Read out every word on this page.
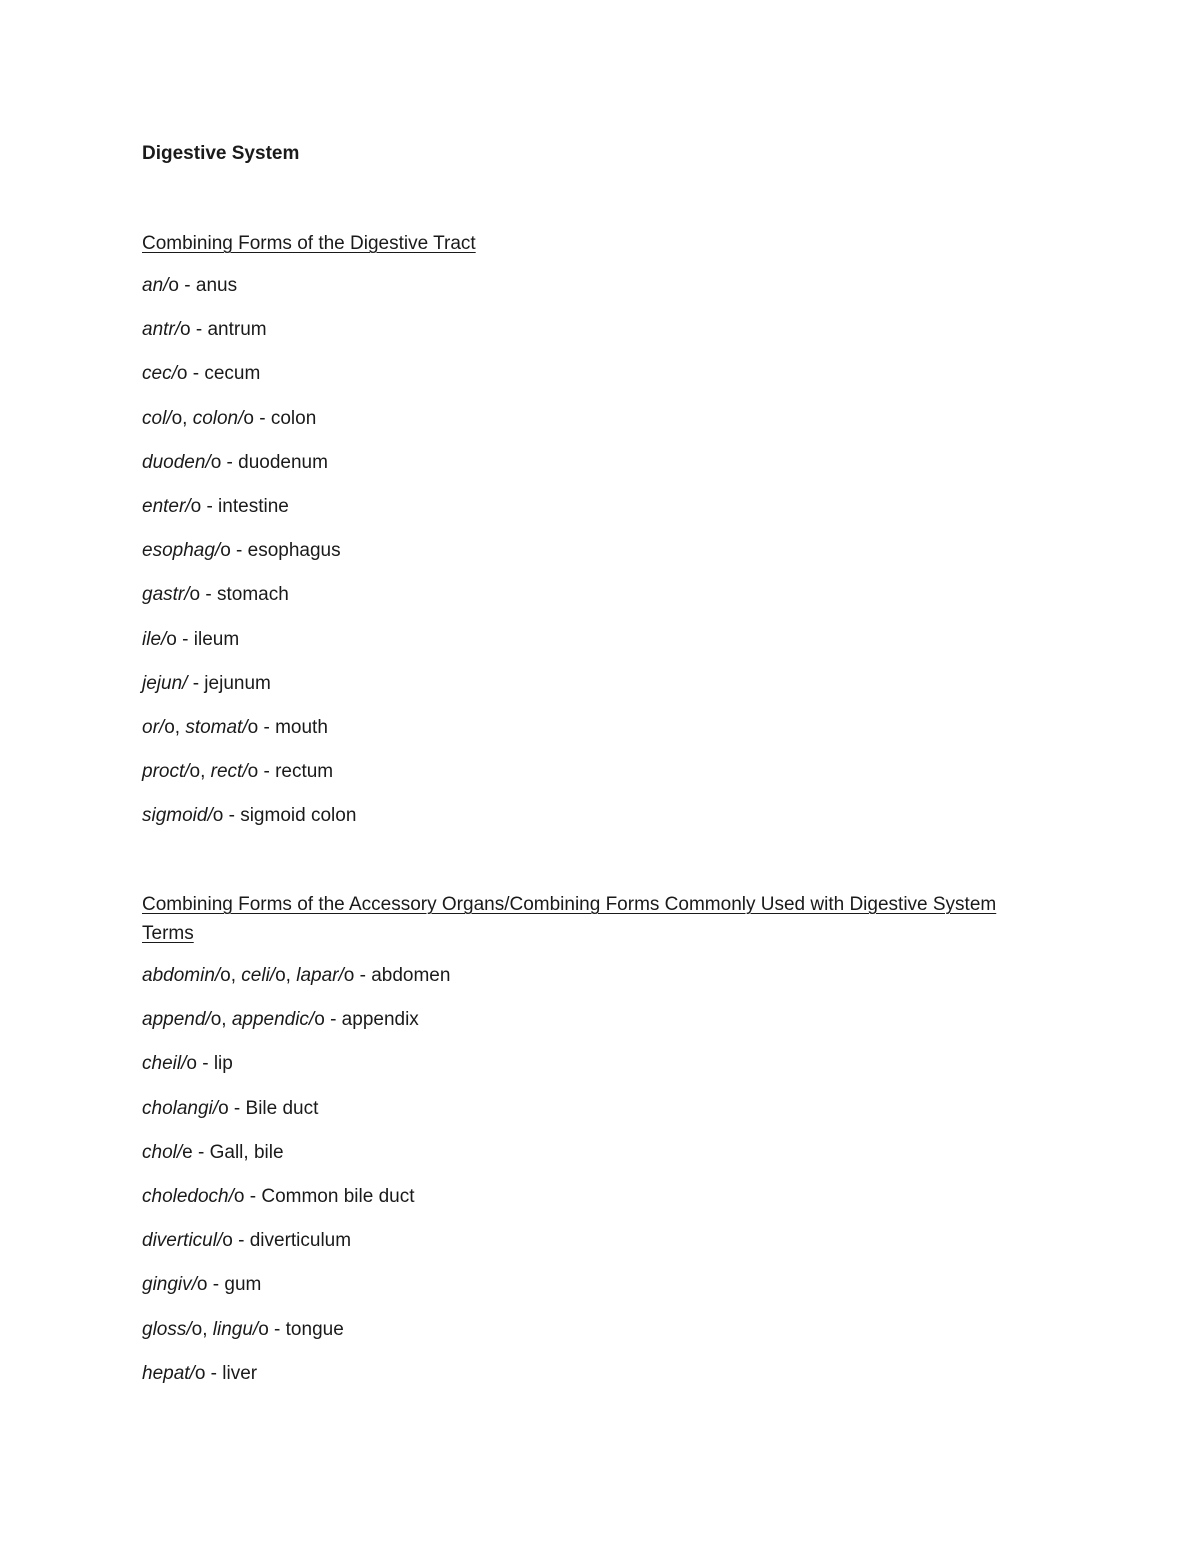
Digestive System
Combining Forms of the Digestive Tract
an/o - anus
antr/o - antrum
cec/o - cecum
col/o, colon/o - colon
duoden/o - duodenum
enter/o - intestine
esophag/o - esophagus
gastr/o - stomach
ile/o - ileum
jejun/ - jejunum
or/o, stomat/o - mouth
proct/o, rect/o - rectum
sigmoid/o - sigmoid colon
Combining Forms of the Accessory Organs/Combining Forms Commonly Used with Digestive System Terms
abdomin/o, celi/o, lapar/o - abdomen
append/o, appendic/o - appendix
cheil/o - lip
cholangi/o - Bile duct
chol/e - Gall, bile
choledoch/o - Common bile duct
diverticul/o - diverticulum
gingiv/o - gum
gloss/o, lingu/o - tongue
hepat/o - liver
